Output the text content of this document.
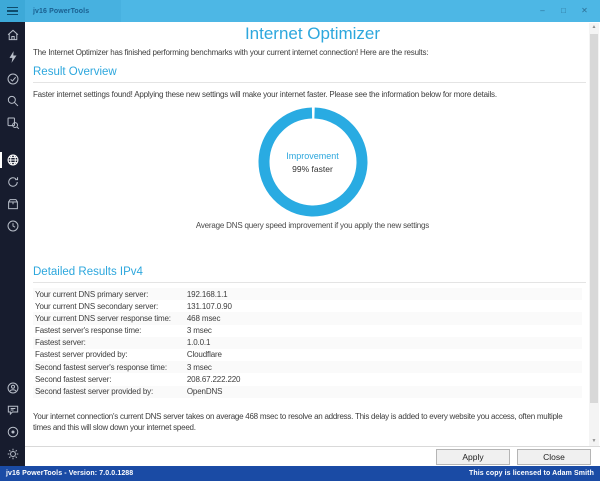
jv16 PowerTools	–	□	✕
Internet Optimizer
The Internet Optimizer has finished performing benchmarks with your current internet connection! Here are the results:
Result Overview
Faster internet settings found! Applying these new settings will make your internet faster. Please see the information below for more details.
Improvement
99% faster
Average DNS query speed improvement if you apply the new settings
Detailed Results IPv4
Your current DNS primary server:	192.168.1.1
Your current DNS secondary server:	131.107.0.90
Your current DNS server response time:	468 msec
Fastest server's response time:	3 msec
Fastest server:	1.0.0.1
Fastest server provided by:	Cloudflare
Second fastest server's response time:	3 msec
Second fastest server:	208.67.222.220
Second fastest server provided by:	OpenDNS
Your internet connection's current DNS server takes on average 468 msec to resolve an address. This delay is added to every website you access, often multiple times and this will slow down your internet speed.
▲
▼
Apply	Close
jv16 PowerTools - Version: 7.0.0.1288	This copy is licensed to Adam Smith
